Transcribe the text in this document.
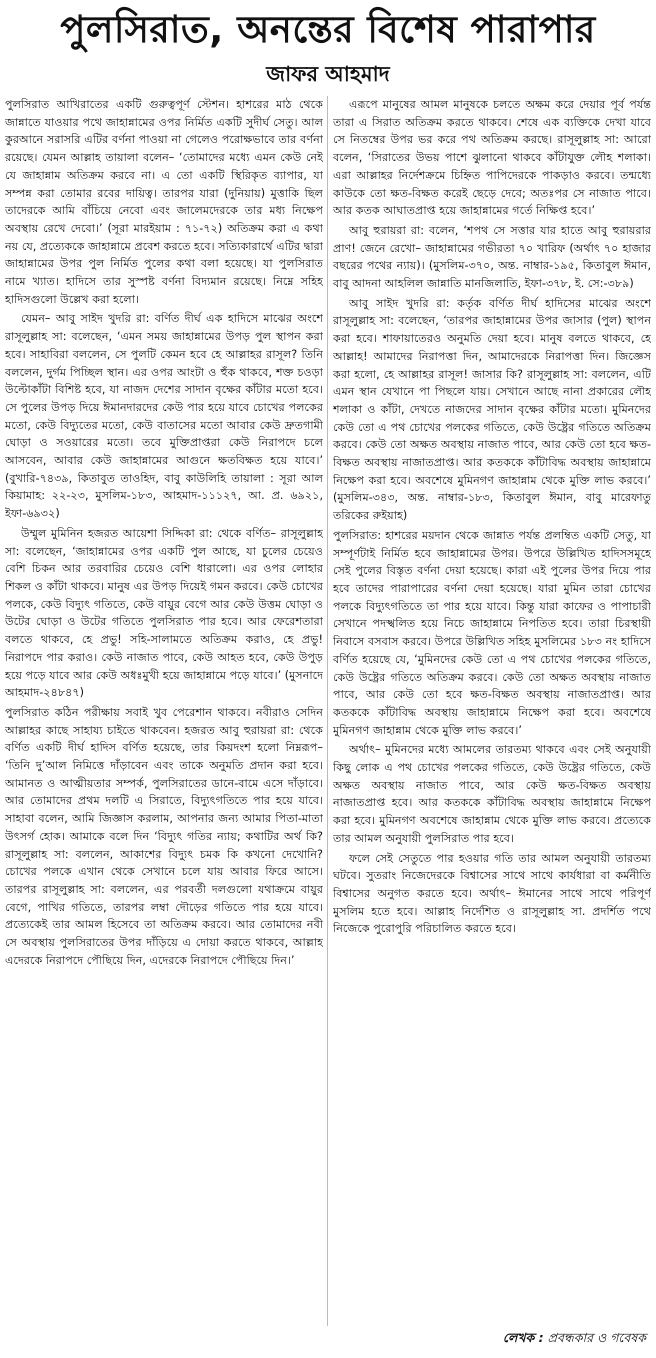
পুলসিরাত, অনন্তের বিশেষ পারাপার
জাফর আহমাদ

পুলসিরাত আখিরাতের একটি গুরুত্বপূর্ণ স্টেশন। হাশরের মাঠ থেকে জান্নাতে যাওয়ার পথে জাহান্নামের ওপর নির্মিত একটি সুদীর্ঘ সেতু। আল কুরআনে সরাসরি এটির বর্ণনা পাওয়া না গেলেও পরোক্ষভাবে তার বর্ণনা রয়েছে। যেমন আল্লাহ তায়ালা বলেন– ‘তোমাদের মধ্যে এমন কেউ নেই যে জাহান্নাম অতিক্রম করবে না। এ তো একটি স্থিরিকৃত ব্যাপার, যা সম্পন্ন করা তোমার রবের দায়িত্ব। তারপর যারা (দুনিয়ায়) মুত্তাকি ছিল তাদেরকে আমি বাঁচিয়ে নেবো এবং জালেমদেরকে তার মধ্য নিক্ষেপ অবস্থায় রেখে দেবো।’ (সূরা মারইয়াম : ৭১-৭২) অতিক্রম করা এ কথা নয় যে, প্রত্যেককে জাহান্নামে প্রবেশ করতে হবে। সত্যিকারার্থে এটির দ্বারা জাহান্নামের উপর পুল নির্মিত পুলের কথা বলা হয়েছে। যা পুলসিরাত নামে খ্যাত। হাদিসে তার সুস্পষ্ট বর্ণনা বিদ্যমান রয়েছে। নিম্নে সহিহ হাদিসগুলো উল্লেখ করা হলো।

যেমন– আবু সাইদ খুদরি রা: বর্ণিত দীর্ঘ এক হাদিসে মাঝের অংশে রাসূলুল্লাহ সা: বলেছেন, ‘এমন সময় জাহান্নামের উপড় পুল স্থাপন করা হবে। সাহাবিরা বললেন, সে পুলটি কেমন হবে হে আল্লাহর রাসূল? তিনি বললেন, দুর্গম পিচ্ছিল স্থান। এর ওপর আংটা ও হুঁক থাকবে, শক্ত চওড়া উল্টোকাঁটা বিশিষ্ট হবে, যা নাজদ দেশের সাদান বৃক্ষের কাঁটার মতো হবে। সে পুলের উপড় দিয়ে ঈমানদারদের কেউ পার হয়ে যাবে চোখের পলকের মতো, কেউ বিদ্যুতের মতো, কেউ বাতাসের মতো আবার কেউ দ্রুতগামী ঘোড়া ও সওয়ারের মতো। তবে মুক্তিপ্রাপ্তরা কেউ নিরাপদে চলে আসবেন, আবার কেউ জাহান্নামের আগুনে ক্ষতবিক্ষত হয়ে যাবে।’ (বুখারি-৭৪৩৯, কিতাবুত তাওহিদ, বাবু কাউলিহি তায়ালা : সূরা আল কিয়ামাহ: ২২-২৩, মুসলিম-১৮৩, আহমাদ-১১১২৭, আ. প্র. ৬৯২১, ইফা-৬৯৩২)

উম্মুল মুমিনিন হজরত আয়েশা সিদ্দিকা রা: থেকে বর্ণিত– রাসূলুল্লাহ সা: বলেছেন, ‘জাহান্নামের ওপর একটি পুল আছে, যা চুলের চেয়েও বেশি চিকন আর তরবারির চেয়েও বেশি ধারালো। এর ওপর লোহার শিকল ও কাঁটা থাকবে। মানুষ এর উপড় দিয়েই গমন করবে। কেউ চোখের পলকে, কেউ বিদ্যুৎ গতিতে, কেউ বায়ুর বেগে আর কেউ উত্তম ঘোড়া ও উটের ঘোড়া ও উটের গতিতে পুলসিরাত পার হবে। আর ফেরেশতারা বলতে থাকবে, হে প্রভু! সহি-সালামতে অতিক্রম করাও, হে প্রভু! নিরাপদে পার করাও। কেউ নাজাত পাবে, কেউ আহত হবে, কেউ উপুড় হয়ে পড়ে যাবে আর কেউ অধঃমুখী হয়ে জাহান্নামে পড়ে যাবে।’ (মুসনাদে আহমাদ-২৪৮৪৭)

পুলসিরাত কঠিন পরীক্ষায় সবাই খুব পেরেশান থাকবে। নবীরাও সেদিন আল্লাহর কাছে সাহায্য চাইতে থাকবেন। হজরত আবু হুরায়রা রা: থেকে বর্ণিত একটি দীর্ঘ হাদিস বর্ণিত হয়েছে, তার কিয়দংশ হলো নিম্নরূপ– ‘তিনি দু’আল নিমিত্তে দাঁড়াবেন এবং তাকে অনুমতি প্রদান করা হবে। আমানত ও আত্মীয়তার সম্পর্ক, পুলসিরাতের ডানে-বামে এসে দাঁড়াবে। আর তোমাদের প্রথম দলটি এ সিরাতে, বিদ্যুৎগতিতে পার হয়ে যাবে। সাহাবা বলেন, আমি জিজ্ঞাস করলাম, আপনার জন্য আমার পিতা-মাতা উৎসর্গ হোক। আমাকে বলে দিন ‘বিদ্যুৎ গতির ন্যায়; কথাটির অর্থ কি? রাসূলুল্লাহ সা: বললেন, আকাশের বিদ্যুৎ চমক কি কখনো দেখোনি? চোখের পলকে এখান থেকে সেখানে চলে যায় আবার ফিরে আসে। তারপর রাসূলুল্লাহ সা: বললেন, এর পরবর্তী দলগুলো যথাক্রমে বায়ুর বেগে, পাখির গতিতে, তারপর লম্বা দৌড়ের গতিতে পার হয়ে যাবে। প্রত্যেকেই তার আমল হিসেবে তা অতিক্রম করবে। আর তোমাদের নবী সে অবস্থায় পুলসিরাতের উপর দাঁড়িয়ে এ দোয়া করতে থাকবে, আল্লাহ এদেরকে নিরাপদে পৌছিয়ে দিন, এদেরকে নিরাপদে পৌছিয়ে দিন।’

এরূপে মানুষের আমল মানুষকে চলতে অক্ষম করে দেয়ার পূর্ব পর্যন্ত তারা এ সিরাত অতিক্রম করতে থাকবে। শেষে এক ব্যক্তিকে দেখা যাবে সে নিতম্বের উপর ভর করে পথ অতিক্রম করছে। রাসূলুল্লাহ সা: আরো বলেন, ‘সিরাতের উভয় পাশে ঝুলানো থাকবে কাঁটাযুক্ত লৌহ শলাকা। এরা আল্লাহর নির্দেশক্রমে চিহ্নিত পাপিদেরকে পাকড়াও করবে। তন্মধ্যে কাউকে তো ক্ষত-বিক্ষত করেই ছেড়ে দেবে; অতঃপর সে নাজাত পাবে। আর কতক আঘাতপ্রাপ্ত হয়ে জাহান্নামের গর্তে নিক্ষিপ্ত হবে।’

আবু হুরায়রা রা: বলেন, ‘শপথ সে সত্তার যার হাতে আবু হুরায়রার প্রাণ! জেনে রেখো– জাহান্নামের গভীরতা ৭০ খারিফ (অর্থাৎ ৭০ হাজার বছরের পথের ন্যায়)। (মুসলিম-৩৭০, অন্ত. নাম্বার-১৯৫, কিতাবুল ঈমান, বাবু আদনা আহলিল জান্নাতি মানজিলাতি, ইফা-৩৭৮, ই. সে:-৩৮৯)

আবু সাইদ খুদরি রা: কর্তৃক বর্ণিত দীর্ঘ হাদিসের মাঝের অংশে রাসূলুল্লাহ সা: বলেছেন, ‘তারপর জাহান্নামের উপর জাসার (পুল) স্থাপন করা হবে। শাফায়াতেরও অনুমতি দেয়া হবে। মানুষ বলতে থাকবে, হে আল্লাহ! আমাদের নিরাপত্তা দিন, আমাদেরকে নিরাপত্তা দিন। জিজ্ঞেস করা হলো, হে আল্লাহর রাসূল! জাসার কি? রাসূলুল্লাহ সা: বললেন, এটি এমন স্থান যেখানে পা পিছলে যায়। সেখানে আছে নানা প্রকারের লৌহ শলাকা ও কাঁটা, দেখতে নাজদের সাদান বৃক্ষের কাঁটার মতো। মুমিনদের কেউ তো এ পথ চোখের পলকের গতিতে, কেউ উষ্ট্রের গতিতে অতিক্রম করবে। কেউ তো অক্ষত অবস্থায় নাজাত পাবে, আর কেউ তো হবে ক্ষত-বিক্ষত অবস্থায় নাজাতপ্রাপ্ত। আর কতককে কাঁটাবিদ্ধ অবস্থায় জাহান্নামে নিক্ষেপ করা হবে। অবশেষে মুমিনগণ জাহান্নাম থেকে মুক্তি লাভ করবে।’ (মুসলিম-৩৪৩, অন্ত. নাম্বার-১৮৩, কিতাবুল ঈমান, বাবু মারেফাতু তরিকের রুইয়াহ)

পুলসিরাত: হাশরের ময়দান থেকে জান্নাত পর্যন্ত প্রলম্বিত একটি সেতু, যা সম্পূর্ণটাই নির্মিত হবে জাহান্নামের উপর। উপরে উল্লিখিত হাদিসসমূহে সেই পুলের বিস্তৃত বর্ণনা দেয়া হয়েছে। কারা এই পুলের উপর দিয়ে পার হবে তাদের পারাপারের বর্ণনা দেয়া হয়েছে। যারা মুমিন তারা চোখের পলকে বিদ্যুৎগতিতে তা পার হয়ে যাবে। কিন্তু যারা কাফের ও পাপাচারী সেখানে পদস্খলিত হয়ে নিচে জাহান্নামে নিপতিত হবে। তারা চিরস্থায়ী নিবাসে বসবাস করবে। উপরে উল্লিখিত সহিহ মুসলিমের ১৮৩ নং হাদিসে বর্ণিত হয়েছে যে, ‘মুমিনদের কেউ তো এ পথ চোখের পলকের গতিতে, কেউ উষ্ট্রের গতিতে অতিক্রম করবে। কেউ তো অক্ষত অবস্থায় নাজাত পাবে, আর কেউ তো হবে ক্ষত-বিক্ষত অবস্থায় নাজাতপ্রাপ্ত। আর কতককে কাঁটাবিদ্ধ অবস্থায় জাহান্নামে নিক্ষেপ করা হবে। অবশেষে মুমিনগণ জাহান্নাম থেকে মুক্তি লাভ করবে।’

অর্থাৎ– মুমিনদের মধ্যে আমলের তারতম্য থাকবে এবং সেই অনুযায়ী কিছু লোক এ পথ চোখের পলকের গতিতে, কেউ উষ্ট্রের গতিতে, কেউ অক্ষত অবস্থায় নাজাত পাবে, আর কেউ ক্ষত-বিক্ষত অবস্থায় নাজাতপ্রাপ্ত হবে। আর কতককে কাঁটাবিদ্ধ অবস্থায় জাহান্নামে নিক্ষেপ করা হবে। মুমিনগণ অবশেষে জাহান্নাম থেকে মুক্তি লাভ করবে। প্রত্যেকে তার আমল অনুযায়ী পুলসিরাত পার হবে।

ফলে সেই সেতুতে পার হওয়ার গতি তার আমল অনুযায়ী তারতম্য ঘটবে। সুতরাং নিজেদেরকে বিশ্বাসের সাথে সাথে কার্যধারা বা কর্মনীতি বিশ্বাসের অনুগত করতে হবে। অর্থাৎ– ঈমানের সাথে সাথে পরিপূর্ণ মুসলিম হতে হবে। আল্লাহ নির্দেশিত ও রাসূলুল্লাহ সা. প্রদর্শিত পথে নিজেকে পুরোপুরি পরিচালিত করতে হবে।

লেখক : প্রবন্ধকার ও গবেষক
